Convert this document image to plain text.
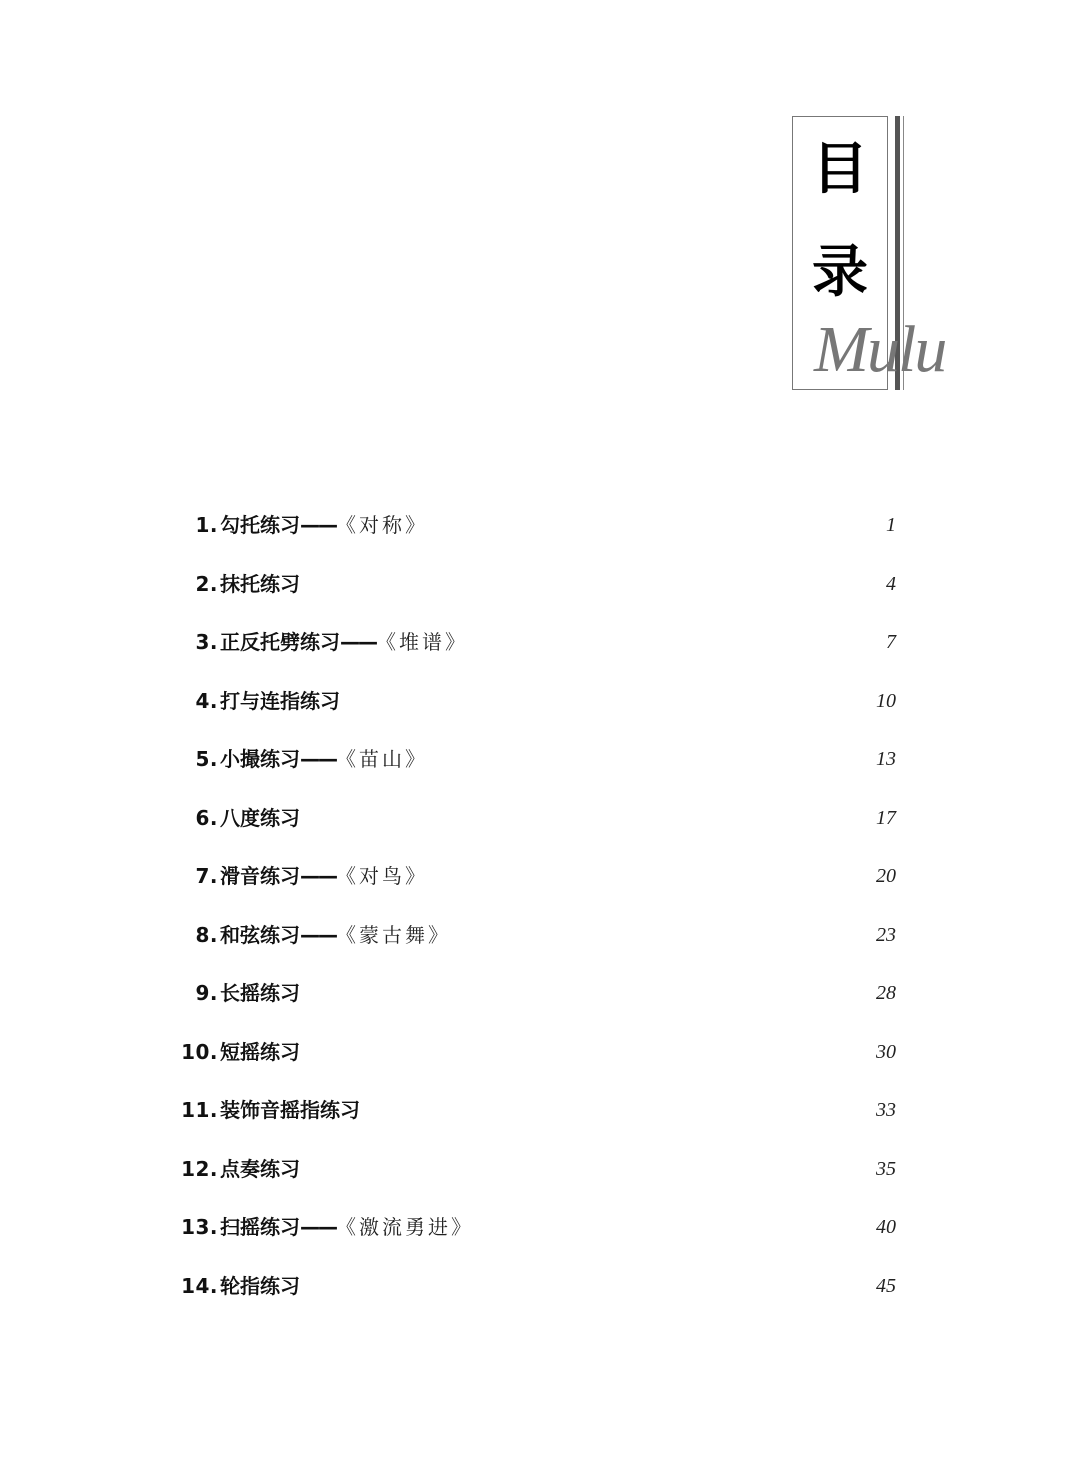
目
录
Mulu
1. 勾托练习——《对称》	1
2. 抹托练习	4
3. 正反托劈练习——《堆谱》	7
4. 打与连指练习	10
5. 小撮练习——《苗山》	13
6. 八度练习	17
7. 滑音练习——《对鸟》	20
8. 和弦练习——《蒙古舞》	23
9. 长摇练习	28
10. 短摇练习	30
11. 装饰音摇指练习	33
12. 点奏练习	35
13. 扫摇练习——《激流勇进》	40
14. 轮指练习	45
